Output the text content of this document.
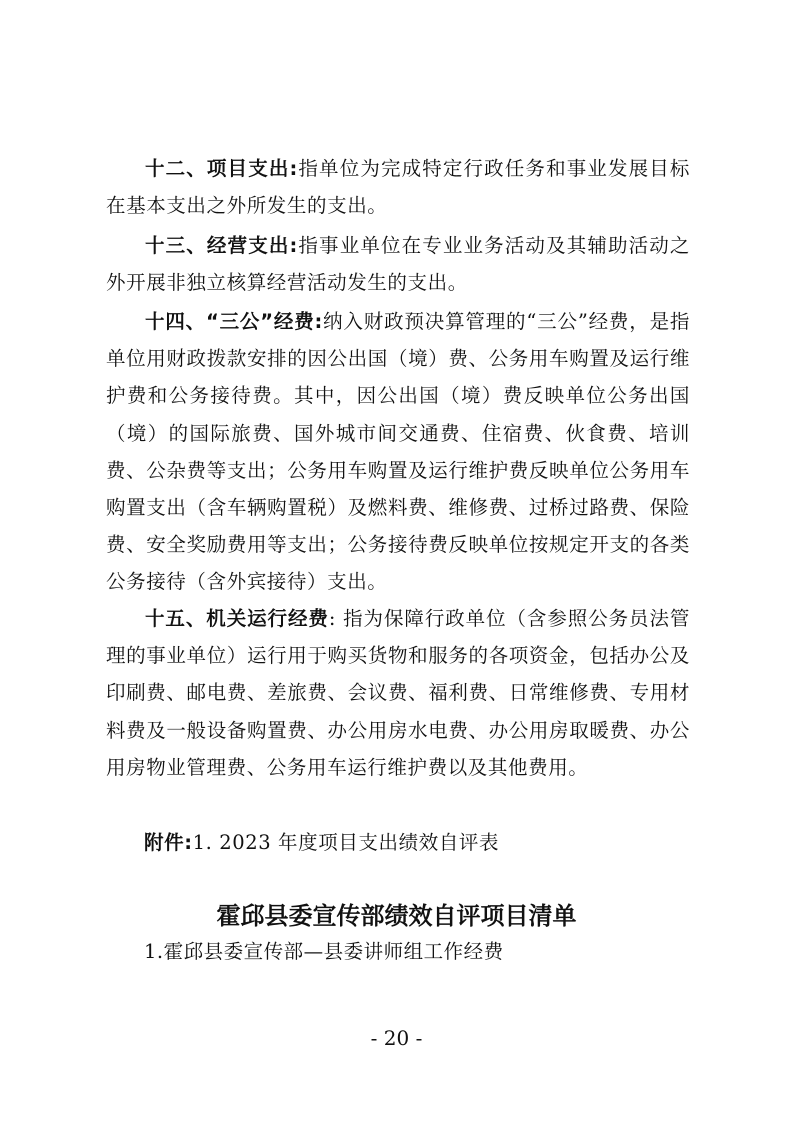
十二、项目支出:指单位为完成特定行政任务和事业发展目标在基本支出之外所发生的支出。

十三、经营支出:指事业单位在专业业务活动及其辅助活动之外开展非独立核算经营活动发生的支出。

十四、“三公”经费:纳入财政预决算管理的“三公”经费，是指单位用财政拨款安排的因公出国（境）费、公务用车购置及运行维护费和公务接待费。其中，因公出国（境）费反映单位公务出国（境）的国际旅费、国外城市间交通费、住宿费、伙食费、培训费、公杂费等支出；公务用车购置及运行维护费反映单位公务用车购置支出（含车辆购置税）及燃料费、维修费、过桥过路费、保险费、安全奖励费用等支出；公务接待费反映单位按规定开支的各类公务接待（含外宾接待）支出。

十五、机关运行经费: 指为保障行政单位（含参照公务员法管理的事业单位）运行用于购买货物和服务的各项资金，包括办公及印刷费、邮电费、差旅费、会议费、福利费、日常维修费、专用材料费及一般设备购置费、办公用房水电费、办公用房取暖费、办公用房物业管理费、公务用车运行维护费以及其他费用。

附件:1. 2023 年度项目支出绩效自评表

霍邱县委宣传部绩效自评项目清单

1.霍邱县委宣传部—县委讲师组工作经费

- 20 -
